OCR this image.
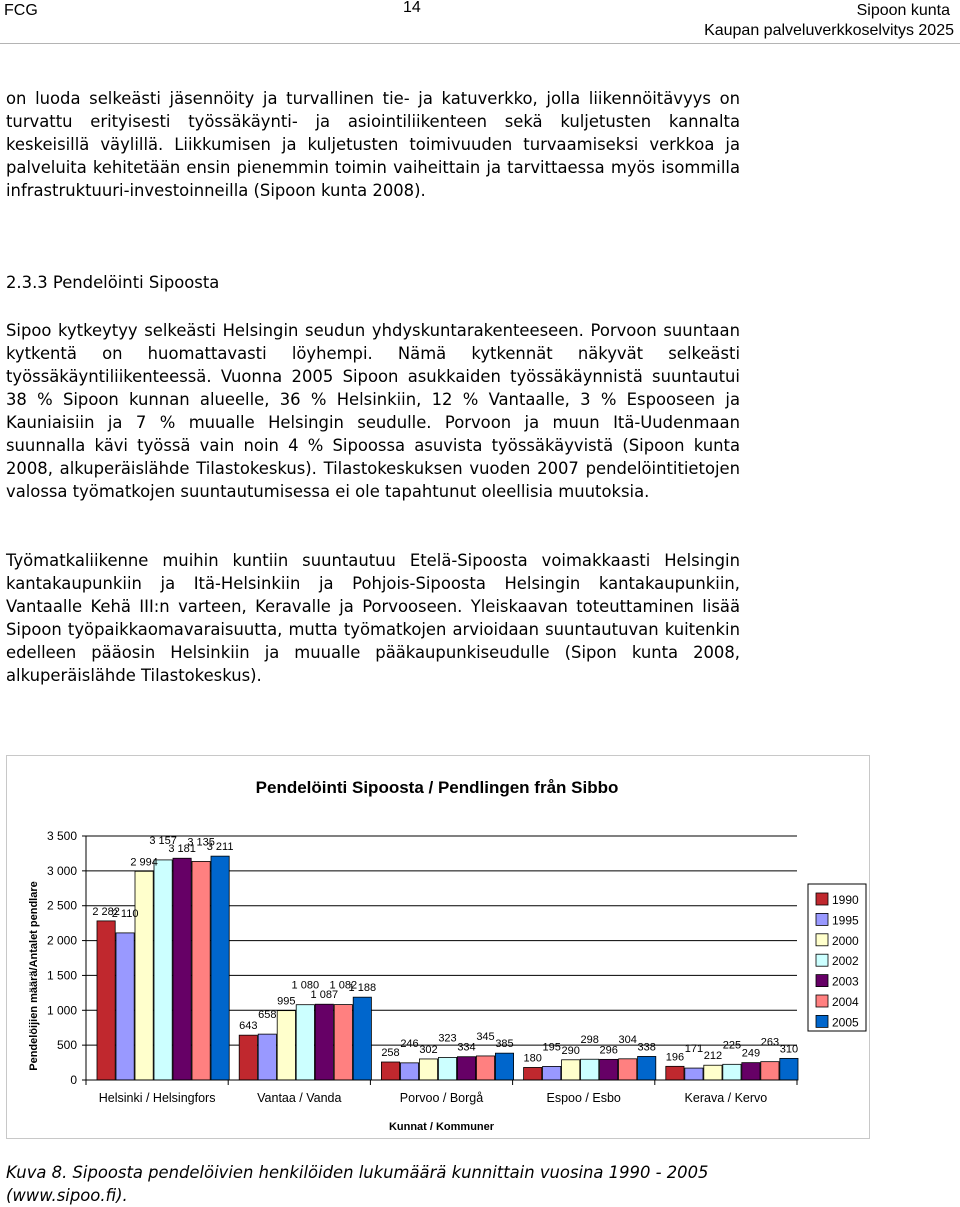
FCG	14	Sipoon kunta
Kaupan palveluverkkoselvitys 2025

on luoda selkeästi jäsennöity ja turvallinen tie- ja katuverkko, jolla liikennöitävyys on turvattu erityisesti työssäkäynti- ja asiointiliikenteen sekä kuljetusten kannalta keskeisillä väylillä. Liikkumisen ja kuljetusten toimivuuden turvaamiseksi verkkoa ja palveluita kehitetään ensin pienemmin toimin vaiheittain ja tarvittaessa myös isommilla infrastruktuuri-investoinneilla (Sipoon kunta 2008).

2.3.3 Pendelöinti Sipoosta

Sipoo kytkeytyy selkeästi Helsingin seudun yhdyskuntarakenteeseen. Porvoon suuntaan kytkentä on huomattavasti löyhempi. Nämä kytkennät näkyvät selkeästi työssäkäyntiliikenteessä. Vuonna 2005 Sipoon asukkaiden työssäkäynnistä suuntautui 38 % Sipoon kunnan alueelle, 36 % Helsinkiin, 12 % Vantaalle, 3 % Espooseen ja Kauniaisiin ja 7 % muualle Helsingin seudulle. Porvoon ja muun Itä-Uudenmaan suunnalla kävi työssä vain noin 4 % Sipoossa asuvista työssäkäyvistä (Sipoon kunta 2008, alkuperäislähde Tilastokeskus). Tilastokeskuksen vuoden 2007 pendelöintitietojen valossa työmatkojen suuntautumisessa ei ole tapahtunut oleellisia muutoksia.

Työmatkaliikenne muihin kuntiin suuntautuu Etelä-Sipoosta voimakkaasti Helsingin kantakaupunkiin ja Itä-Helsinkiin ja Pohjois-Sipoosta Helsingin kantakaupunkiin, Vantaalle Kehä III:n varteen, Keravalle ja Porvooseen. Yleiskaavan toteuttaminen lisää Sipoon työpaikkaomavaraisuutta, mutta työmatkojen arvioidaan suuntautuvan kuitenkin edelleen pääosin Helsinkiin ja muualle pääkaupunkiseudulle (Sipon kunta 2008, alkuperäislähde Tilastokeskus).

Pendelöinti Sipoosta / Pendlingen från Sibbo
0
500
1 000
1 500
2 000
2 500
3 000
3 500
Pendelöijien määrä/Antalet pendlare	2 282
2 110
2 994
3 157
3 181
3 135
3 211
Helsinki / Helsingfors
643
658
995
1 080
1 087
1 082
1 188
Vantaa / Vanda
258
246
302
323
334
345
385
Porvoo / Borgå
180
195 290
298
296
304
338
Espoo / Esbo
196
171
212
225
249
263
310
Kerava / Kervo
Kunnat / Kommuner
1990
1995
2000
2002
2003
2004
2005

Kuva 8. Sipoosta pendelöivien henkilöiden lukumäärä kunnittain vuosina 1990 - 2005 (www.sipoo.fi).
